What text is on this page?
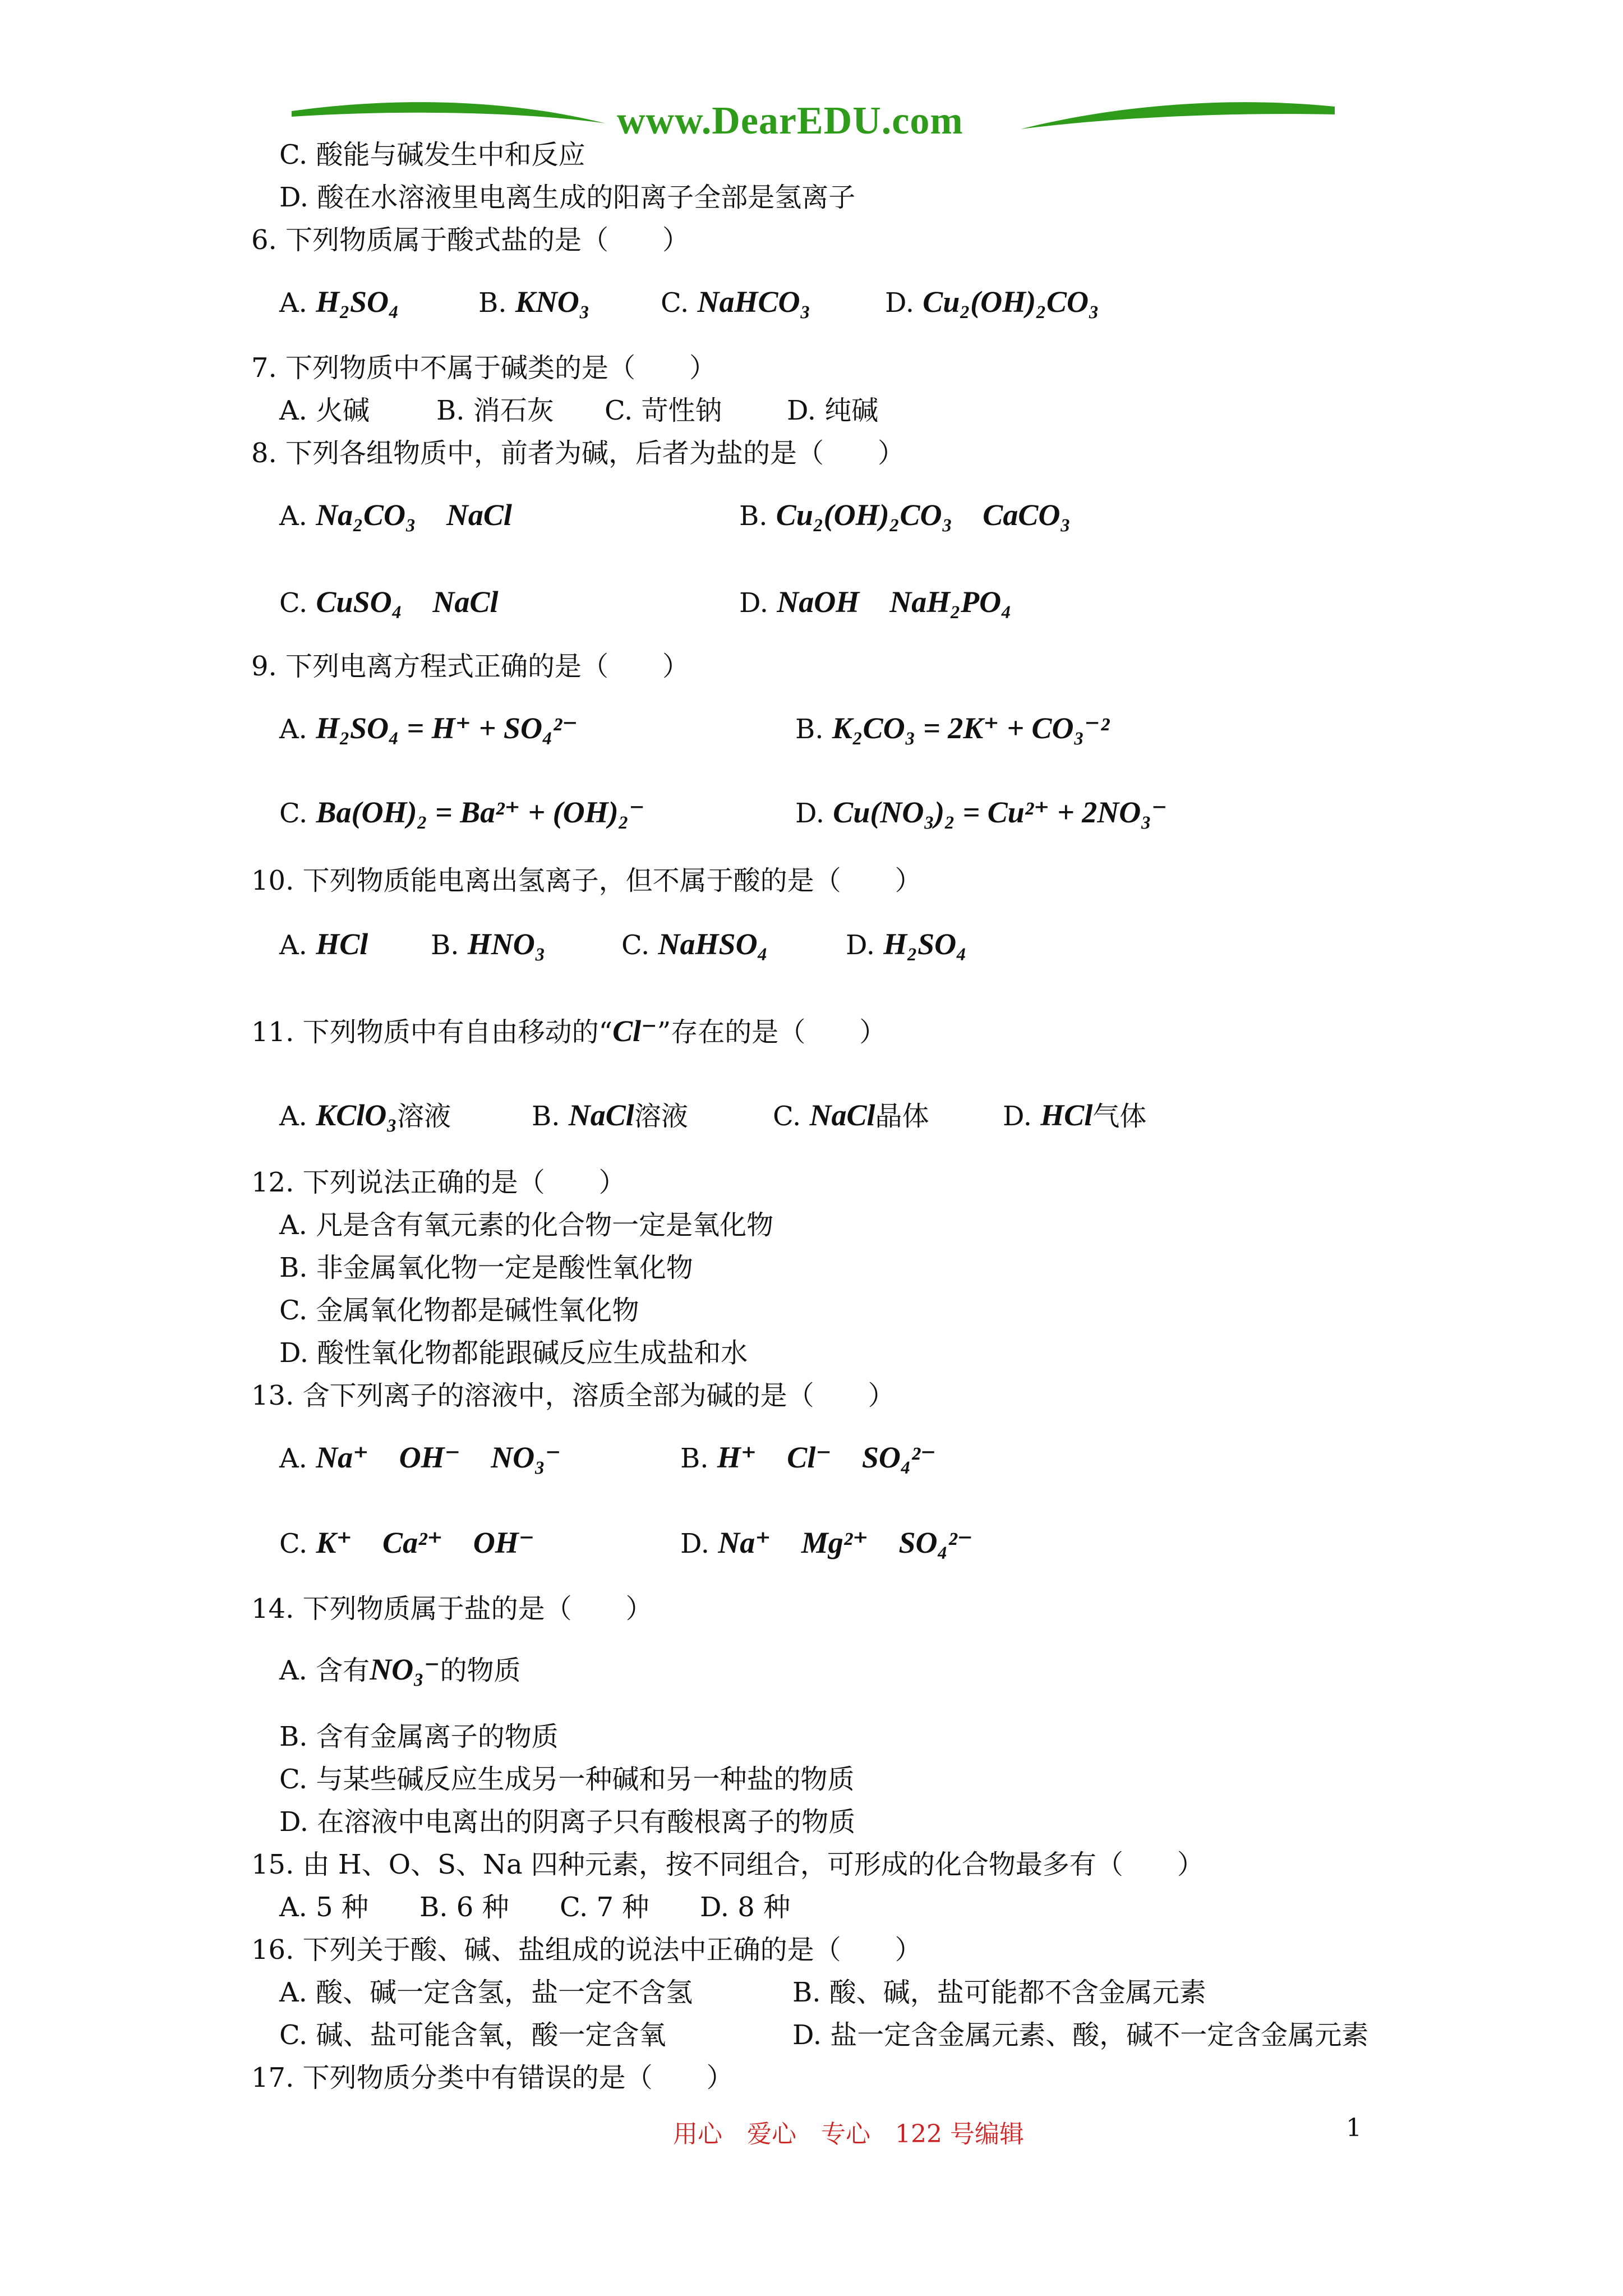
www.DearEDU.com
C. 酸能与碱发生中和反应
D. 酸在水溶液里电离生成的阳离子全部是氢离子
6. 下列物质属于酸式盐的是（　　）
A. H₂SO₄	B. KNO₃	C. NaHCO₃	D. Cu₂(OH)₂CO₃
7. 下列物质中不属于碱类的是（　　）
A. 火碱 B. 消石灰 C. 苛性钠 D. 纯碱
8. 下列各组物质中，前者为碱，后者为盐的是（　　）
A. Na₂CO₃　NaCl	B. Cu₂(OH)₂CO₃　CaCO₃
C. CuSO₄　NaCl	D. NaOH　NaH₂PO₄
9. 下列电离方程式正确的是（　　）
A. H₂SO₄ = H⁺ + SO₄²⁻	B. K₂CO₃ = 2K⁺ + CO₃⁻²
C. Ba(OH)₂ = Ba²⁺ + (OH)₂⁻	D. Cu(NO₃)₂ = Cu²⁺ + 2NO₃⁻
10. 下列物质能电离出氢离子，但不属于酸的是（　　）
A. HCl B. HNO₃	C. NaHSO₄	D. H₂SO₄
11. 下列物质中有自由移动的“Cl⁻”存在的是（　　）
A. KClO₃溶液	B. NaCl溶液	C. NaCl晶体	D. HCl气体
12. 下列说法正确的是（　　）
A. 凡是含有氧元素的化合物一定是氧化物
B. 非金属氧化物一定是酸性氧化物
C. 金属氧化物都是碱性氧化物
D. 酸性氧化物都能跟碱反应生成盐和水
13. 含下列离子的溶液中，溶质全部为碱的是（　　）
A. Na⁺　OH⁻　NO₃⁻	B. H⁺　Cl⁻　SO₄²⁻
C. K⁺　Ca²⁺　OH⁻	D. Na⁺　Mg²⁺　SO₄²⁻
14. 下列物质属于盐的是（　　）
A. 含有NO₃⁻的物质
B. 含有金属离子的物质
C. 与某些碱反应生成另一种碱和另一种盐的物质
D. 在溶液中电离出的阴离子只有酸根离子的物质
15. 由 H、O、S、Na 四种元素，按不同组合，可形成的化合物最多有（　　）
A. 5 种 B. 6 种 C. 7 种 D. 8 种
16. 下列关于酸、碱、盐组成的说法中正确的是（　　）
A. 酸、碱一定含氢，盐一定不含氢	B. 酸、碱，盐可能都不含金属元素
C. 碱、盐可能含氧，酸一定含氧	D. 盐一定含金属元素、酸，碱不一定含金属元素
17. 下列物质分类中有错误的是（　　）
用心　爱心　专心　122 号编辑	1
